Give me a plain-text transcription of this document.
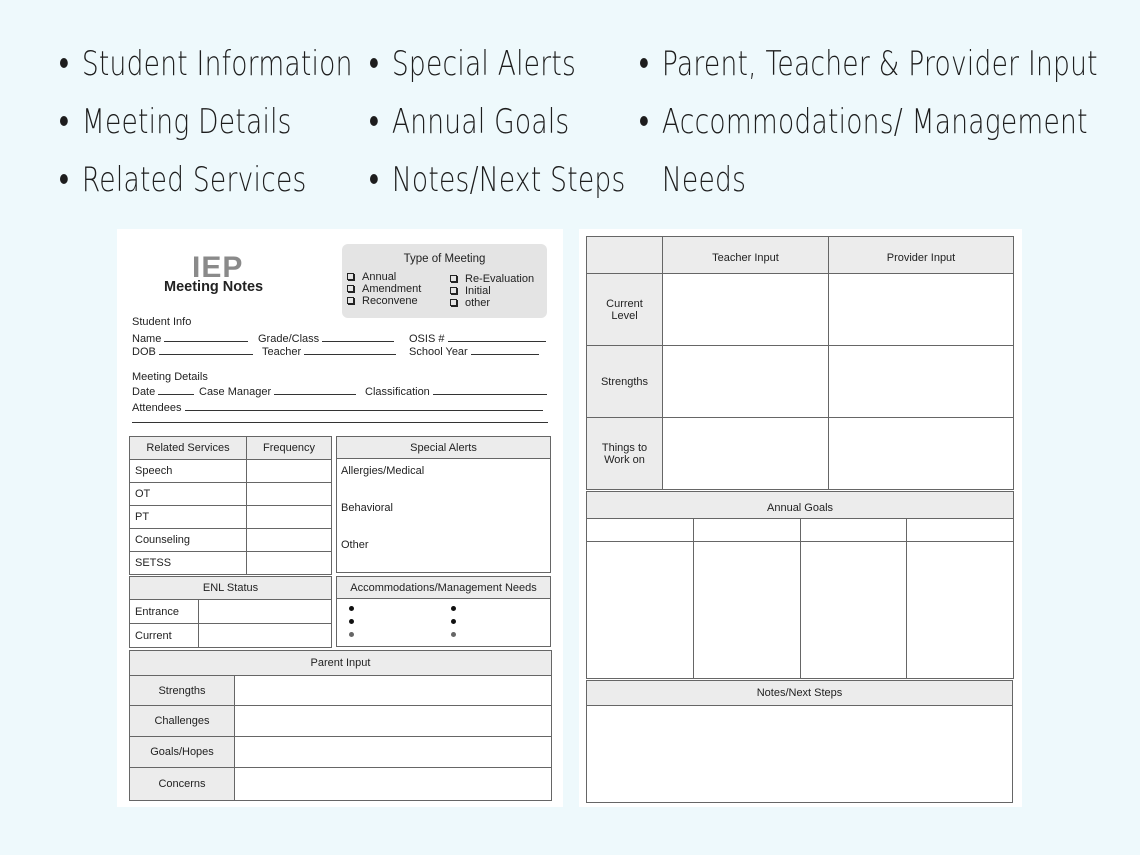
Student Information
Meeting Details
Related Services
Special Alerts
Annual Goals
Notes/Next Steps
Parent, Teacher & Provider Input
Accommodations/ Management
Needs
IEP
Meeting Notes
Type of Meeting
Annual
Amendment
Reconvene
Re-Evaluation
Initial
other
Student Info
Name	Grade/Class	OSIS #
DOB	Teacher	School Year
Meeting Details
Date	Case Manager	Classification
Attendees
Related Services	Frequency
Speech	
OT	
PT	
Counseling	
SETSS	
Special Alerts
Allergies/Medical
Behavioral
Other
ENL Status	
Entrance	
Current	
Accommodations/Management Needs
Parent Input	
Strengths	
Challenges	
Goals/Hopes	
Concerns	
	Teacher Input	Provider Input
Current Level		
Strengths		
Things to Work on		
Annual Goals			

Notes/Next Steps
